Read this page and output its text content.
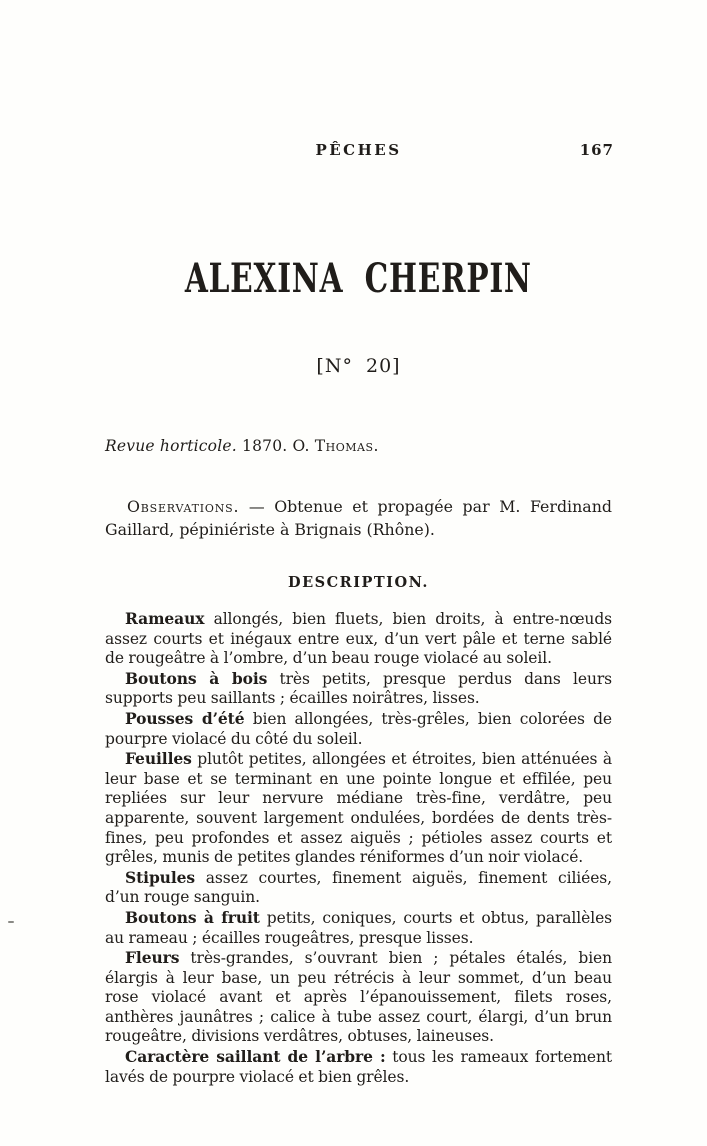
PÊCHES	167
ALEXINA CHERPIN
[N° 20]
Revue horticole. 1870. O. Thomas.

Observations. — Obtenue et propagée par M. Ferdinand Gaillard, pépiniériste à Brignais (Rhône).

DESCRIPTION.

Rameaux allongés, bien fluets, bien droits, à entre-nœuds assez courts et inégaux entre eux, d’un vert pâle et terne sablé de rougeâtre à l’ombre, d’un beau rouge violacé au soleil.

Boutons à bois très petits, presque perdus dans leurs supports peu saillants ; écailles noirâtres, lisses.

Pousses d’été bien allongées, très-grêles, bien colorées de pourpre violacé du côté du soleil.

Feuilles plutôt petites, allongées et étroites, bien atténuées à leur base et se terminant en une pointe longue et effilée, peu repliées sur leur nervure médiane très-fine, verdâtre, peu apparente, souvent largement ondulées, bordées de dents très-fines, peu profondes et assez aiguës ; pétioles assez courts et grêles, munis de petites glandes réniformes d’un noir violacé.

Stipules assez courtes, finement aiguës, finement ciliées, d’un rouge sanguin.

Boutons à fruit petits, coniques, courts et obtus, parallèles au rameau ; écailles rougeâtres, presque lisses.

Fleurs très-grandes, s’ouvrant bien ; pétales étalés, bien élargis à leur base, un peu rétrécis à leur sommet, d’un beau rose violacé avant et après l’épanouissement, filets roses, anthères jaunâtres ; calice à tube assez court, élargi, d’un brun rougeâtre, divisions verdâtres, obtuses, laineuses.

Caractère saillant de l’arbre : tous les rameaux fortement lavés de pourpre violacé et bien grêles.
